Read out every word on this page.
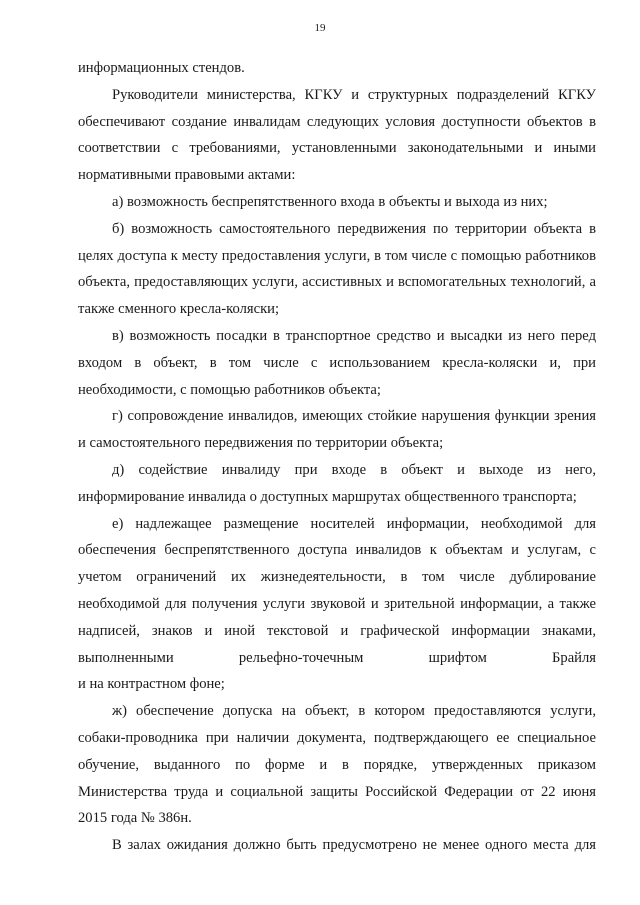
19

информационных стендов.

Руководители министерства, КГКУ и структурных подразделений КГКУ обеспечивают создание инвалидам следующих условия доступности объектов в соответствии с требованиями, установленными законодательными и иными нормативными правовыми актами:

а) возможность беспрепятственного входа в объекты и выхода из них;

б) возможность самостоятельного передвижения по территории объекта в целях доступа к месту предоставления услуги, в том числе с помощью работников объекта, предоставляющих услуги, ассистивных и вспомогательных технологий, а также сменного кресла-коляски;

в) возможность посадки в транспортное средство и высадки из него перед входом в объект, в том числе с использованием кресла-коляски и, при необходимости, с помощью работников объекта;

г) сопровождение инвалидов, имеющих стойкие нарушения функции зрения и самостоятельного передвижения по территории объекта;

д) содействие инвалиду при входе в объект и выходе из него, информирование инвалида о доступных маршрутах общественного транспорта;

е) надлежащее размещение носителей информации, необходимой для обеспечения беспрепятственного доступа инвалидов к объектам и услугам, с учетом ограничений их жизнедеятельности, в том числе дублирование необходимой для получения услуги звуковой и зрительной информации, а также надписей, знаков и иной текстовой и графической информации знаками,

выполненными рельефно-точечным шрифтом Брайля

и на контрастном фоне;

ж) обеспечение допуска на объект, в котором предоставляются услуги, собаки-проводника при наличии документа, подтверждающего ее специальное обучение, выданного по форме и в порядке, утвержденных приказом Министерства труда и социальной защиты Российской Федерации от 22 июня 2015 года № 386н.

В залах ожидания должно быть предусмотрено не менее одного места для
